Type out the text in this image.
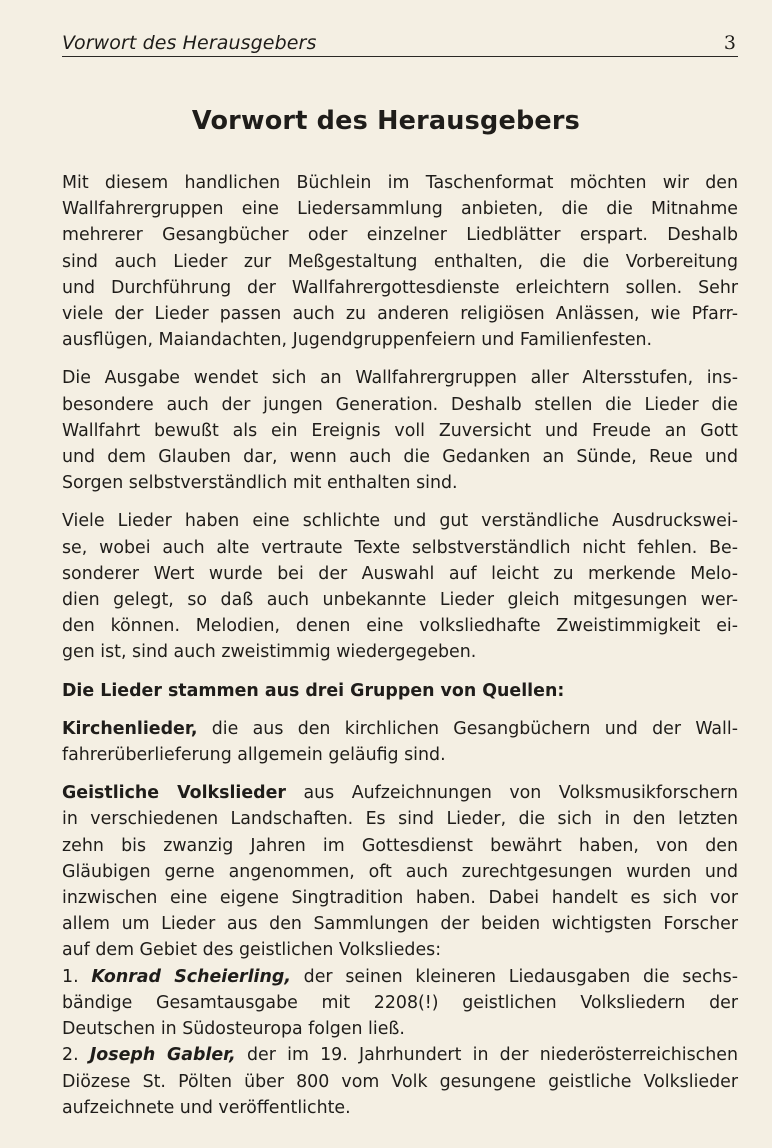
Vorwort des Herausgebers	3
Vorwort des Herausgebers

Mit diesem handlichen Büchlein im Taschenformat möchten wir den
Wallfahrergruppen eine Liedersammlung anbieten, die die Mitnahme
mehrerer Gesangbücher oder einzelner Liedblätter erspart. Deshalb
sind auch Lieder zur Meßgestaltung enthalten, die die Vorbereitung
und Durchführung der Wallfahrergottesdienste erleichtern sollen. Sehr
viele der Lieder passen auch zu anderen religiösen Anlässen, wie Pfarr-
ausflügen, Maiandachten, Jugendgruppenfeiern und Familienfesten.

Die Ausgabe wendet sich an Wallfahrergruppen aller Altersstufen, ins-
besondere auch der jungen Generation. Deshalb stellen die Lieder die
Wallfahrt bewußt als ein Ereignis voll Zuversicht und Freude an Gott
und dem Glauben dar, wenn auch die Gedanken an Sünde, Reue und
Sorgen selbstverständlich mit enthalten sind.

Viele Lieder haben eine schlichte und gut verständliche Ausdruckswei-
se, wobei auch alte vertraute Texte selbstverständlich nicht fehlen. Be-
sonderer Wert wurde bei der Auswahl auf leicht zu merkende Melo-
dien gelegt, so daß auch unbekannte Lieder gleich mitgesungen wer-
den können. Melodien, denen eine volksliedhafte Zweistimmigkeit ei-
gen ist, sind auch zweistimmig wiedergegeben.

Die Lieder stammen aus drei Gruppen von Quellen:

Kirchenlieder, die aus den kirchlichen Gesangbüchern und der Wall-
fahrerüberlieferung allgemein geläufig sind.

Geistliche Volkslieder aus Aufzeichnungen von Volksmusikforschern
in verschiedenen Landschaften. Es sind Lieder, die sich in den letzten
zehn bis zwanzig Jahren im Gottesdienst bewährt haben, von den
Gläubigen gerne angenommen, oft auch zurechtgesungen wurden und
inzwischen eine eigene Singtradition haben. Dabei handelt es sich vor
allem um Lieder aus den Sammlungen der beiden wichtigsten Forscher
auf dem Gebiet des geistlichen Volksliedes:
1. Konrad Scheierling, der seinen kleineren Liedausgaben die sechs-
bändige Gesamtausgabe mit 2208(!) geistlichen Volksliedern der
Deutschen in Südosteuropa folgen ließ.
2. Joseph Gabler, der im 19. Jahrhundert in der niederösterreichischen
Diözese St. Pölten über 800 vom Volk gesungene geistliche Volkslieder
aufzeichnete und veröffentlichte.
